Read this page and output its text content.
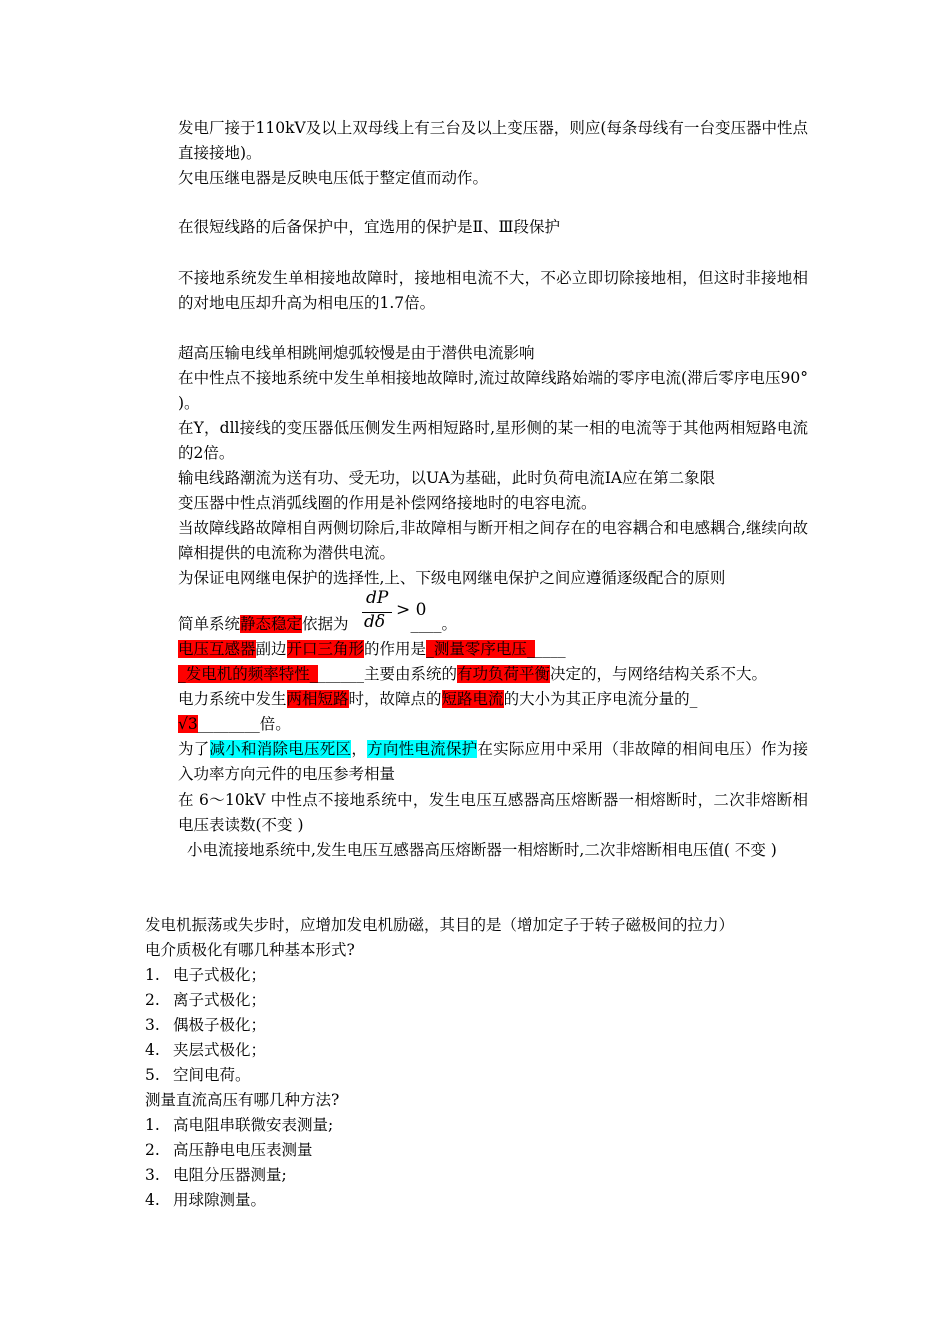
发电厂接于110kV及以上双母线上有三台及以上变压器，则应(每条母线有一台变压器中性点直接接地)。

欠电压继电器是反映电压低于整定值而动作。

在很短线路的后备保护中，宜选用的保护是Ⅱ、Ⅲ段保护

不接地系统发生单相接地故障时，接地相电流不大，不必立即切除接地相，但这时非接地相的对地电压却升高为相电压的1.7倍。

超高压输电线单相跳闸熄弧较慢是由于潜供电流影响

在中性点不接地系统中发生单相接地故障时,流过故障线路始端的零序电流(滞后零序电压90° )。

在Y，dll接线的变压器低压侧发生两相短路时,星形侧的某一相的电流等于其他两相短路电流的2倍。

输电线路潮流为送有功、受无功，以UA为基础，此时负荷电流IA应在第二象限

变压器中性点消弧线圈的作用是补偿网络接地时的电容电流。

当故障线路故障相自两侧切除后,非故障相与断开相之间存在的电容耦合和电感耦合,继续向故障相提供的电流称为潜供电流。

为保证电网继电保护的选择性,上、下级电网继电保护之间应遵循逐级配合的原则

dP
dδ
> 0

简单系统静态稳定依据为	____。

电压互感器副边开口三角形的作用是_测量零序电压_____

_发电机的频率特性_______主要由系统的有功负荷平衡决定的，与网络结构关系不大。

电力系统中发生两相短路时，故障点的短路电流的大小为其正序电流分量的_
√3________倍。

为了减小和消除电压死区，方向性电流保护在实际应用中采用（非故障的相间电压）作为接入功率方向元件的电压参考相量

在 6～10kV 中性点不接地系统中，发生电压互感器高压熔断器一相熔断时，二次非熔断相电压表读数(不变 )

小电流接地系统中,发生电压互感器高压熔断器一相熔断时,二次非熔断相电压值( 不变 )

发电机振荡或失步时，应增加发电机励磁，其目的是（增加定子于转子磁极间的拉力）

电介质极化有哪几种基本形式?

1. 电子式极化；
2. 离子式极化；
3. 偶极子极化；
4. 夹层式极化；
5. 空间电荷。

测量直流高压有哪几种方法?

1. 高电阻串联微安表测量;
2. 高压静电电压表测量
3. 电阻分压器测量;
4. 用球隙测量。
